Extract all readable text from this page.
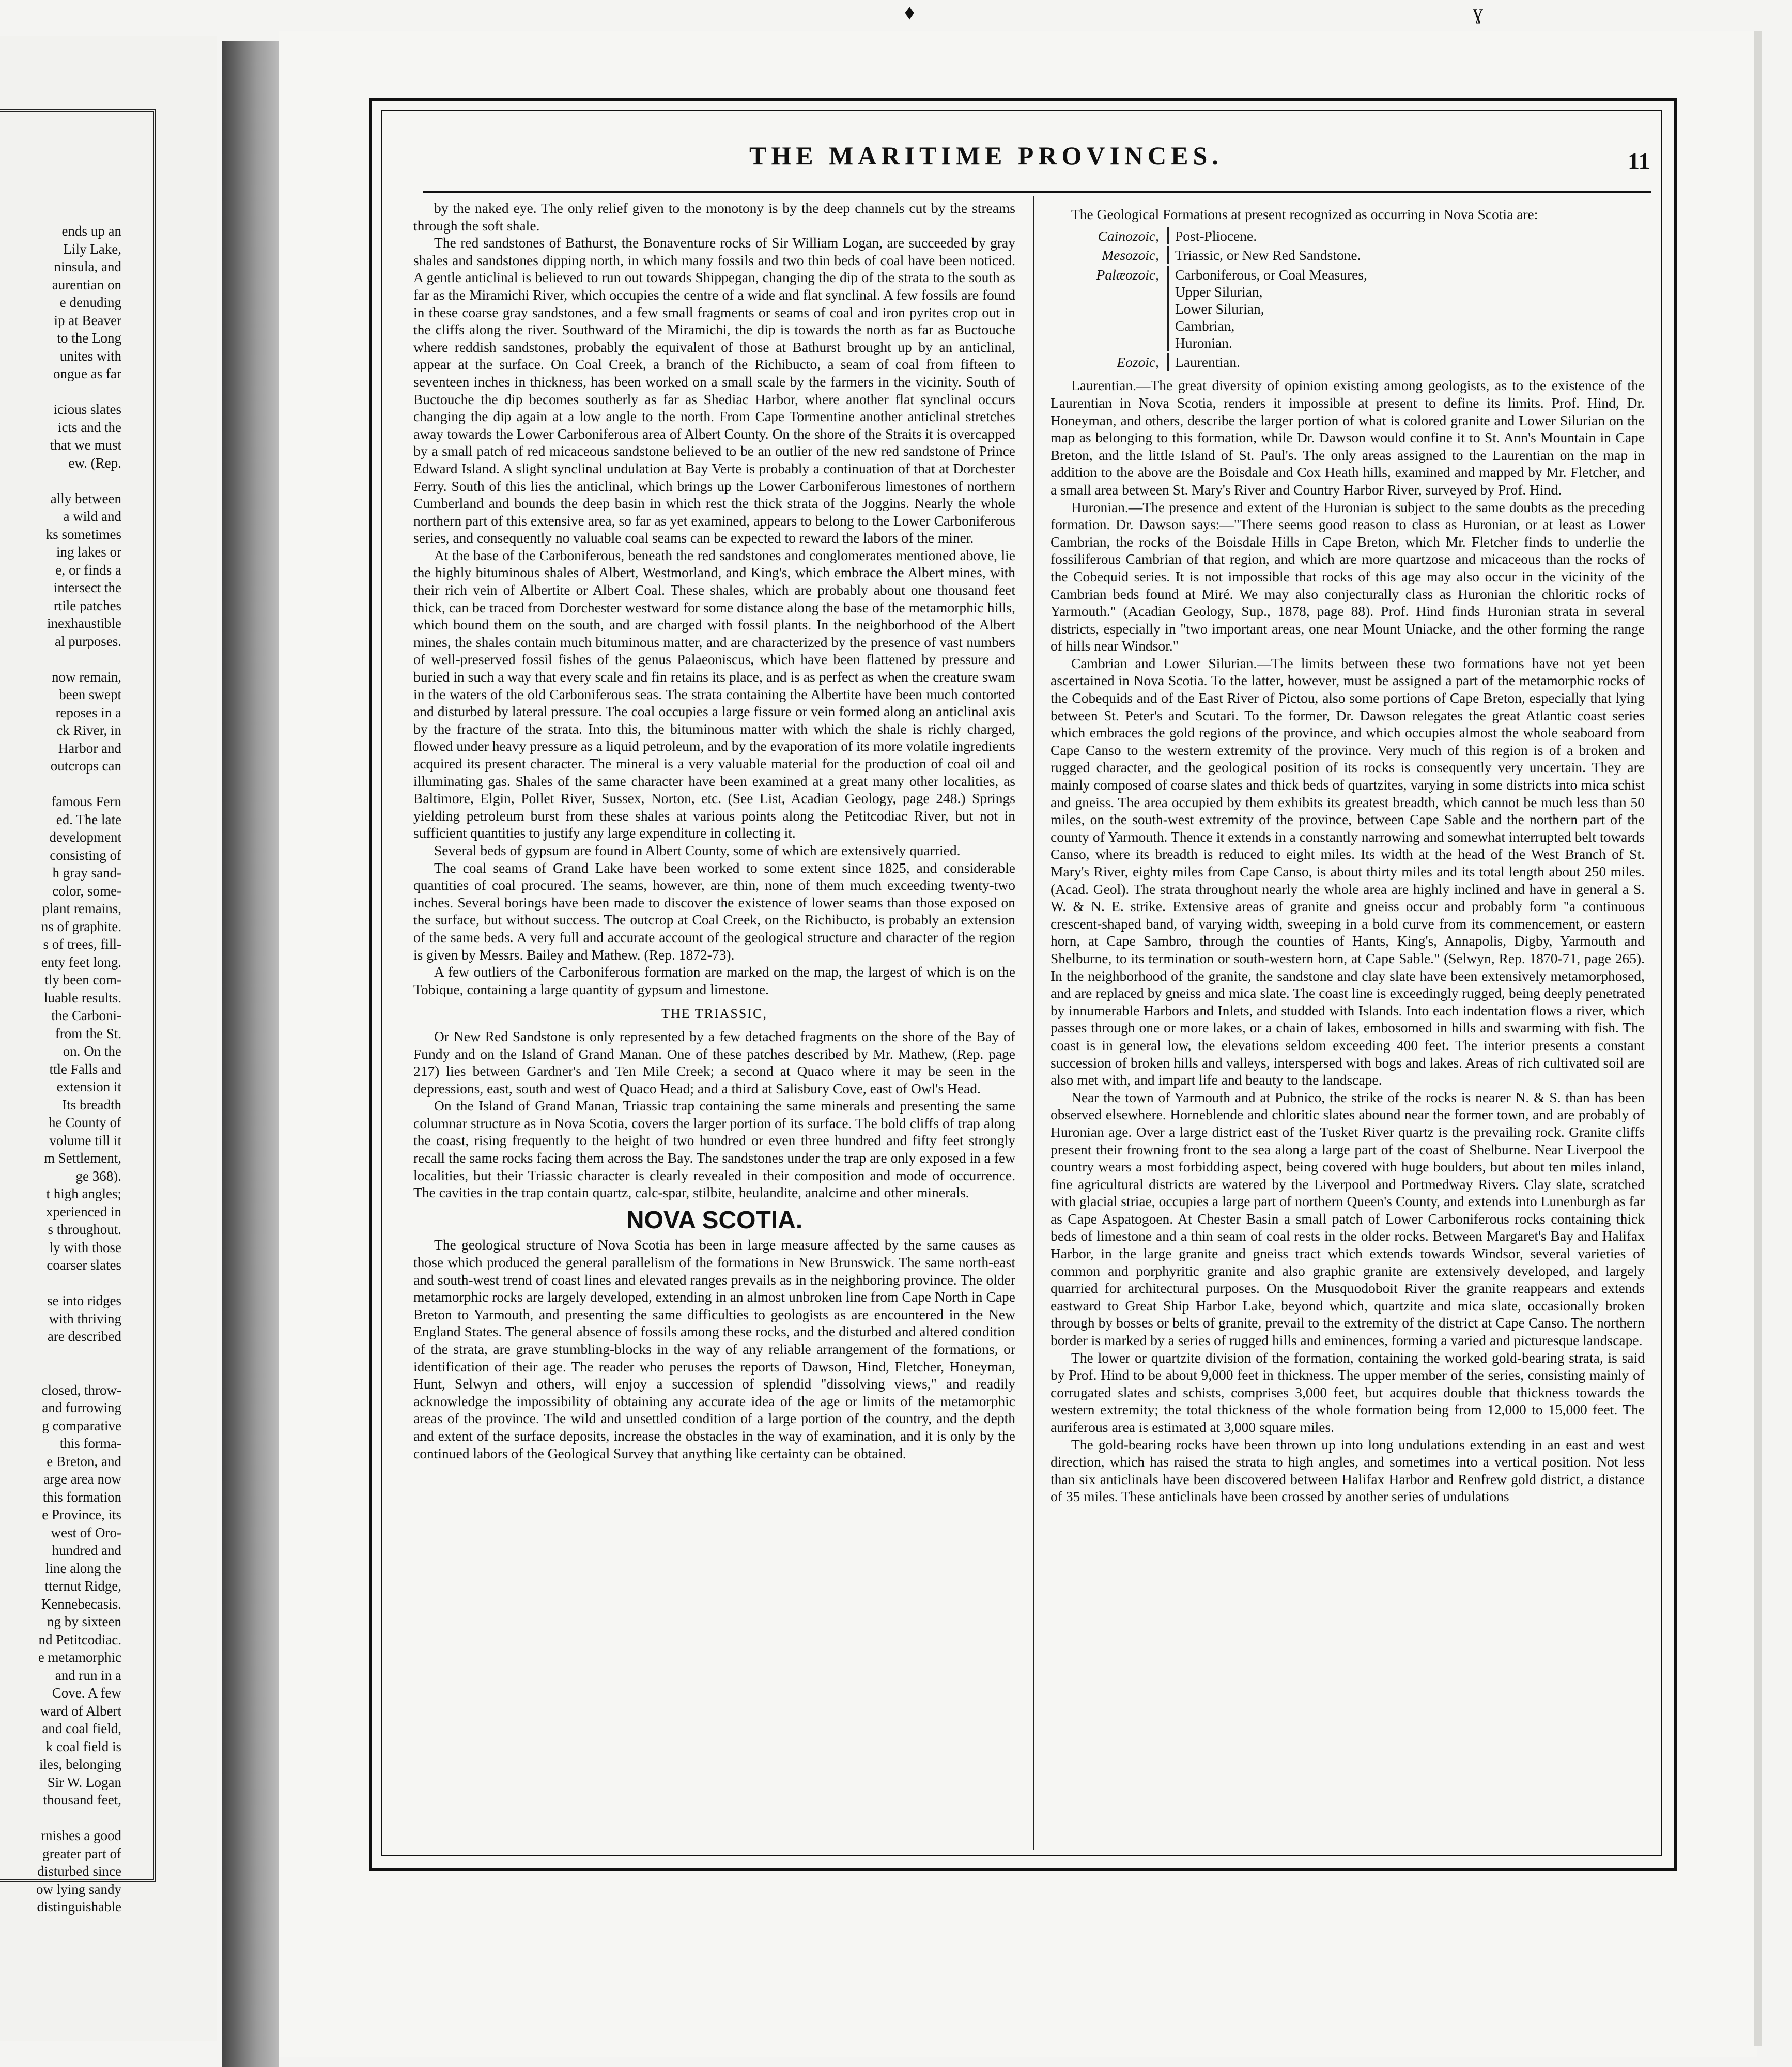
ends up an
Lily Lake,
ninsula, and
aurentian on
e denuding
ip at Beaver
to the Long
unites with
ongue as far

icious slates
icts and the
that we must
ew. (Rep.

ally between
a wild and
ks sometimes
ing lakes or
e, or finds a
intersect the
rtile patches
inexhaustible
al purposes.

now remain,
been swept
reposes in a
ck River, in
Harbor and
outcrops can

famous Fern
ed. The late
development
consisting of
h gray sand-
color, some-
plant remains,
ns of graphite.
s of trees, fill-
enty feet long.
tly been com-
luable results.
the Carboni-
from the St.
on. On the
ttle Falls and
extension it
Its breadth
he County of
volume till it
m Settlement,
ge 368).
t high angles;
xperienced in
s throughout.
ly with those
coarser slates

se into ridges
with thriving
are described

closed, throw-
and furrowing
g comparative
this forma-
e Breton, and
arge area now
this formation
e Province, its
west of Oro-
hundred and
line along the
tternut Ridge,
Kennebecasis.
ng by sixteen
nd Petitcodiac.
e metamorphic
and run in a
Cove. A few
ward of Albert
and coal field,
k coal field is
iles, belonging
Sir W. Logan
thousand feet,

rnishes a good
greater part of
disturbed since
ow lying sandy
distinguishable
♦	ɣ
THE MARITIME PROVINCES.	11

by the naked eye. The only relief given to the monotony is by the deep channels cut by the streams through the soft shale.

The red sandstones of Bathurst, the Bonaventure rocks of Sir William Logan, are succeeded by gray shales and sandstones dipping north, in which many fossils and two thin beds of coal have been noticed. A gentle anticlinal is believed to run out towards Shippegan, changing the dip of the strata to the south as far as the Miramichi River, which occupies the centre of a wide and flat synclinal. A few fossils are found in these coarse gray sandstones, and a few small fragments or seams of coal and iron pyrites crop out in the cliffs along the river. Southward of the Miramichi, the dip is towards the north as far as Buctouche where reddish sandstones, probably the equivalent of those at Bathurst brought up by an anticlinal, appear at the surface. On Coal Creek, a branch of the Richibucto, a seam of coal from fifteen to seventeen inches in thickness, has been worked on a small scale by the farmers in the vicinity. South of Buctouche the dip becomes southerly as far as Shediac Harbor, where another flat synclinal occurs changing the dip again at a low angle to the north. From Cape Tormentine another anticlinal stretches away towards the Lower Carboniferous area of Albert County. On the shore of the Straits it is overcapped by a small patch of red micaceous sandstone believed to be an outlier of the new red sandstone of Prince Edward Island. A slight synclinal undulation at Bay Verte is probably a continuation of that at Dorchester Ferry. South of this lies the anticlinal, which brings up the Lower Carboniferous limestones of northern Cumberland and bounds the deep basin in which rest the thick strata of the Joggins. Nearly the whole northern part of this extensive area, so far as yet examined, appears to belong to the Lower Carboniferous series, and consequently no valuable coal seams can be expected to reward the labors of the miner.

At the base of the Carboniferous, beneath the red sandstones and conglomerates mentioned above, lie the highly bituminous shales of Albert, Westmorland, and King's, which embrace the Albert mines, with their rich vein of Albertite or Albert Coal. These shales, which are probably about one thousand feet thick, can be traced from Dorchester westward for some distance along the base of the metamorphic hills, which bound them on the south, and are charged with fossil plants. In the neighborhood of the Albert mines, the shales contain much bituminous matter, and are characterized by the presence of vast numbers of well-preserved fossil fishes of the genus Palaeoniscus, which have been flattened by pressure and buried in such a way that every scale and fin retains its place, and is as perfect as when the creature swam in the waters of the old Carboniferous seas. The strata containing the Albertite have been much contorted and disturbed by lateral pressure. The coal occupies a large fissure or vein formed along an anticlinal axis by the fracture of the strata. Into this, the bituminous matter with which the shale is richly charged, flowed under heavy pressure as a liquid petroleum, and by the evaporation of its more volatile ingredients acquired its present character. The mineral is a very valuable material for the production of coal oil and illuminating gas. Shales of the same character have been examined at a great many other localities, as Baltimore, Elgin, Pollet River, Sussex, Norton, etc. (See List, Acadian Geology, page 248.) Springs yielding petroleum burst from these shales at various points along the Petitcodiac River, but not in sufficient quantities to justify any large expenditure in collecting it.

Several beds of gypsum are found in Albert County, some of which are extensively quarried.

The coal seams of Grand Lake have been worked to some extent since 1825, and considerable quantities of coal procured. The seams, however, are thin, none of them much exceeding twenty-two inches. Several borings have been made to discover the existence of lower seams than those exposed on the surface, but without success. The outcrop at Coal Creek, on the Richibucto, is probably an extension of the same beds. A very full and accurate account of the geological structure and character of the region is given by Messrs. Bailey and Mathew. (Rep. 1872-73).

A few outliers of the Carboniferous formation are marked on the map, the largest of which is on the Tobique, containing a large quantity of gypsum and limestone.

THE TRIASSIC,

Or New Red Sandstone is only represented by a few detached fragments on the shore of the Bay of Fundy and on the Island of Grand Manan. One of these patches described by Mr. Mathew, (Rep. page 217) lies between Gardner's and Ten Mile Creek; a second at Quaco where it may be seen in the depressions, east, south and west of Quaco Head; and a third at Salisbury Cove, east of Owl's Head.

On the Island of Grand Manan, Triassic trap containing the same minerals and presenting the same columnar structure as in Nova Scotia, covers the larger portion of its surface. The bold cliffs of trap along the coast, rising frequently to the height of two hundred or even three hundred and fifty feet strongly recall the same rocks facing them across the Bay. The sandstones under the trap are only exposed in a few localities, but their Triassic character is clearly revealed in their composition and mode of occurrence. The cavities in the trap contain quartz, calc-spar, stilbite, heulandite, analcime and other minerals.

NOVA SCOTIA.

The geological structure of Nova Scotia has been in large measure affected by the same causes as those which produced the general parallelism of the formations in New Brunswick. The same north-east and south-west trend of coast lines and elevated ranges prevails as in the neighboring province. The older metamorphic rocks are largely developed, extending in an almost unbroken line from Cape North in Cape Breton to Yarmouth, and presenting the same difficulties to geologists as are encountered in the New England States. The general absence of fossils among these rocks, and the disturbed and altered condition of the strata, are grave stumbling-blocks in the way of any reliable arrangement of the formations, or identification of their age. The reader who peruses the reports of Dawson, Hind, Fletcher, Honeyman, Hunt, Selwyn and others, will enjoy a succession of splendid "dissolving views," and readily acknowledge the impossibility of obtaining any accurate idea of the age or limits of the metamorphic areas of the province. The wild and unsettled condition of a large portion of the country, and the depth and extent of the surface deposits, increase the obstacles in the way of examination, and it is only by the continued labors of the Geological Survey that anything like certainty can be obtained.

The Geological Formations at present recognized as occurring in Nova Scotia are:

Cainozoic,	Post-Pliocene.
Mesozoic,	Triassic, or New Red Sandstone.
Palæozoic,	Carboniferous, or Coal Measures,
Upper Silurian,
Lower Silurian,
Cambrian,
Huronian.
Eozoic,	Laurentian.

Laurentian.—The great diversity of opinion existing among geologists, as to the existence of the Laurentian in Nova Scotia, renders it impossible at present to define its limits. Prof. Hind, Dr. Honeyman, and others, describe the larger portion of what is colored granite and Lower Silurian on the map as belonging to this formation, while Dr. Dawson would confine it to St. Ann's Mountain in Cape Breton, and the little Island of St. Paul's. The only areas assigned to the Laurentian on the map in addition to the above are the Boisdale and Cox Heath hills, examined and mapped by Mr. Fletcher, and a small area between St. Mary's River and Country Harbor River, surveyed by Prof. Hind.

Huronian.—The presence and extent of the Huronian is subject to the same doubts as the preceding formation. Dr. Dawson says:—"There seems good reason to class as Huronian, or at least as Lower Cambrian, the rocks of the Boisdale Hills in Cape Breton, which Mr. Fletcher finds to underlie the fossiliferous Cambrian of that region, and which are more quartzose and micaceous than the rocks of the Cobequid series. It is not impossible that rocks of this age may also occur in the vicinity of the Cambrian beds found at Miré. We may also conjecturally class as Huronian the chloritic rocks of Yarmouth." (Acadian Geology, Sup., 1878, page 88). Prof. Hind finds Huronian strata in several districts, especially in "two important areas, one near Mount Uniacke, and the other forming the range of hills near Windsor."

Cambrian and Lower Silurian.—The limits between these two formations have not yet been ascertained in Nova Scotia. To the latter, however, must be assigned a part of the metamorphic rocks of the Cobequids and of the East River of Pictou, also some portions of Cape Breton, especially that lying between St. Peter's and Scutari. To the former, Dr. Dawson relegates the great Atlantic coast series which embraces the gold regions of the province, and which occupies almost the whole seaboard from Cape Canso to the western extremity of the province. Very much of this region is of a broken and rugged character, and the geological position of its rocks is consequently very uncertain. They are mainly composed of coarse slates and thick beds of quartzites, varying in some districts into mica schist and gneiss. The area occupied by them exhibits its greatest breadth, which cannot be much less than 50 miles, on the south-west extremity of the province, between Cape Sable and the northern part of the county of Yarmouth. Thence it extends in a constantly narrowing and somewhat interrupted belt towards Canso, where its breadth is reduced to eight miles. Its width at the head of the West Branch of St. Mary's River, eighty miles from Cape Canso, is about thirty miles and its total length about 250 miles. (Acad. Geol). The strata throughout nearly the whole area are highly inclined and have in general a S. W. & N. E. strike. Extensive areas of granite and gneiss occur and probably form "a continuous crescent-shaped band, of varying width, sweeping in a bold curve from its commencement, or eastern horn, at Cape Sambro, through the counties of Hants, King's, Annapolis, Digby, Yarmouth and Shelburne, to its termination or south-western horn, at Cape Sable." (Selwyn, Rep. 1870-71, page 265). In the neighborhood of the granite, the sandstone and clay slate have been extensively metamorphosed, and are replaced by gneiss and mica slate. The coast line is exceedingly rugged, being deeply penetrated by innumerable Harbors and Inlets, and studded with Islands. Into each indentation flows a river, which passes through one or more lakes, or a chain of lakes, embosomed in hills and swarming with fish. The coast is in general low, the elevations seldom exceeding 400 feet. The interior presents a constant succession of broken hills and valleys, interspersed with bogs and lakes. Areas of rich cultivated soil are also met with, and impart life and beauty to the landscape.

Near the town of Yarmouth and at Pubnico, the strike of the rocks is nearer N. & S. than has been observed elsewhere. Horneblende and chloritic slates abound near the former town, and are probably of Huronian age. Over a large district east of the Tusket River quartz is the prevailing rock. Granite cliffs present their frowning front to the sea along a large part of the coast of Shelburne. Near Liverpool the country wears a most forbidding aspect, being covered with huge boulders, but about ten miles inland, fine agricultural districts are watered by the Liverpool and Portmedway Rivers. Clay slate, scratched with glacial striae, occupies a large part of northern Queen's County, and extends into Lunenburgh as far as Cape Aspatogoen. At Chester Basin a small patch of Lower Carboniferous rocks containing thick beds of limestone and a thin seam of coal rests in the older rocks. Between Margaret's Bay and Halifax Harbor, in the large granite and gneiss tract which extends towards Windsor, several varieties of common and porphyritic granite and also graphic granite are extensively developed, and largely quarried for architectural purposes. On the Musquodoboit River the granite reappears and extends eastward to Great Ship Harbor Lake, beyond which, quartzite and mica slate, occasionally broken through by bosses or belts of granite, prevail to the extremity of the district at Cape Canso. The northern border is marked by a series of rugged hills and eminences, forming a varied and picturesque landscape.

The lower or quartzite division of the formation, containing the worked gold-bearing strata, is said by Prof. Hind to be about 9,000 feet in thickness. The upper member of the series, consisting mainly of corrugated slates and schists, comprises 3,000 feet, but acquires double that thickness towards the western extremity; the total thickness of the whole formation being from 12,000 to 15,000 feet. The auriferous area is estimated at 3,000 square miles.

The gold-bearing rocks have been thrown up into long undulations extending in an east and west direction, which has raised the strata to high angles, and sometimes into a vertical position. Not less than six anticlinals have been discovered between Halifax Harbor and Renfrew gold district, a distance of 35 miles. These anticlinals have been crossed by another series of undulations
